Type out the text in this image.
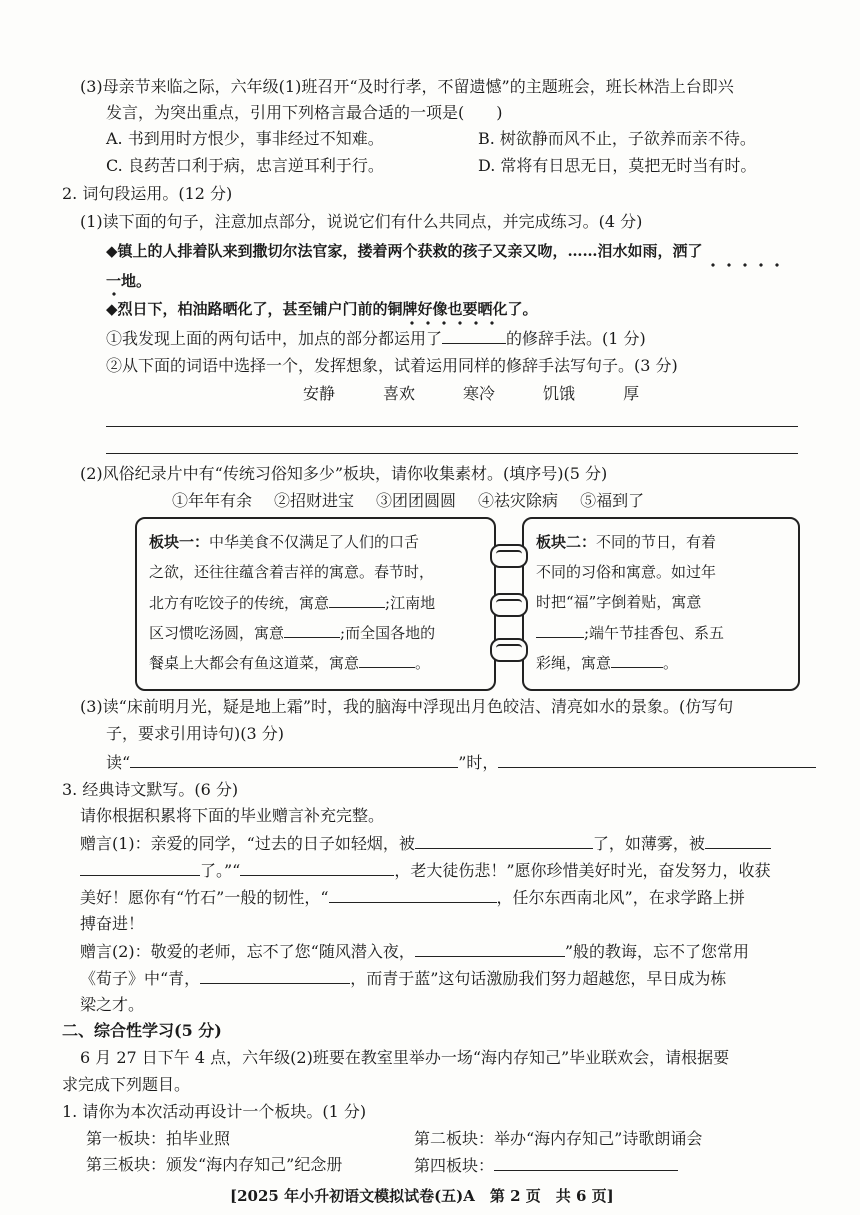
(3)母亲节来临之际，六年级(1)班召开“及时行孝，不留遗憾”的主题班会，班长林浩上台即兴
发言，为突出重点，引用下列格言最合适的一项是(　　)
A. 书到用时方恨少，事非经过不知难。	B. 树欲静而风不止，子欲养而亲不待。
C. 良药苦口利于病，忠言逆耳利于行。	D. 常将有日思无日，莫把无时当有时。
2. 词句段运用。(12 分)
(1)读下面的句子，注意加点部分，说说它们有什么共同点，并完成练习。(4 分)
◆镇上的人排着队来到撒切尔法官家，搂着两个获救的孩子又亲又吻，……泪水如雨，洒了
一地。
◆烈日下，柏油路晒化了，甚至铺户门前的铜牌好像也要晒化了。
①我发现上面的两句话中，加点的部分都运用了	的修辞手法。(1 分)
②从下面的词语中选择一个，发挥想象，试着运用同样的修辞手法写句子。(3 分)
安静	喜欢	寒冷	饥饿	厚
(2)风俗纪录片中有“传统习俗知多少”板块，请你收集素材。(填序号)(5 分)
①年年有余 ②招财进宝 ③团团圆圆 ④祛灾除病 ⑤福到了
板块一：中华美食不仅满足了人们的口舌
之欲，还往往蕴含着吉祥的寓意。春节时，
北方有吃饺子的传统，寓意	;江南地
区习惯吃汤圆，寓意	;而全国各地的
餐桌上大都会有鱼这道菜，寓意	。
板块二：不同的节日，有着
不同的习俗和寓意。如过年
时把“福”字倒着贴，寓意
;端午节挂香包、系五
彩绳，寓意	。
(3)读“床前明月光，疑是地上霜”时，我的脑海中浮现出月色皎洁、清亮如水的景象。(仿写句
子，要求引用诗句)(3 分)
读“	”时，
3. 经典诗文默写。(6 分)
请你根据积累将下面的毕业赠言补充完整。
赠言(1)：亲爱的同学，“过去的日子如轻烟，被	了，如薄雾，被
了。”“	，老大徒伤悲！”愿你珍惜美好时光，奋发努力，收获
美好！愿你有“竹石”一般的韧性，“	，任尔东西南北风”，在求学路上拼
搏奋进！
赠言(2)：敬爱的老师，忘不了您“随风潜入夜，	”般的教诲，忘不了您常用
《荀子》中“青，	，而青于蓝”这句话激励我们努力超越您，早日成为栋
梁之才。
二、综合性学习(5 分)
6 月 27 日下午 4 点，六年级(2)班要在教室里举办一场“海内存知己”毕业联欢会，请根据要
求完成下列题目。
1. 请你为本次活动再设计一个板块。(1 分)
第一板块：拍毕业照	第二板块：举办“海内存知己”诗歌朗诵会
第三板块：颁发“海内存知己”纪念册	第四板块：
[2025 年小升初语文模拟试卷(五)A　第 2 页　共 6 页]
